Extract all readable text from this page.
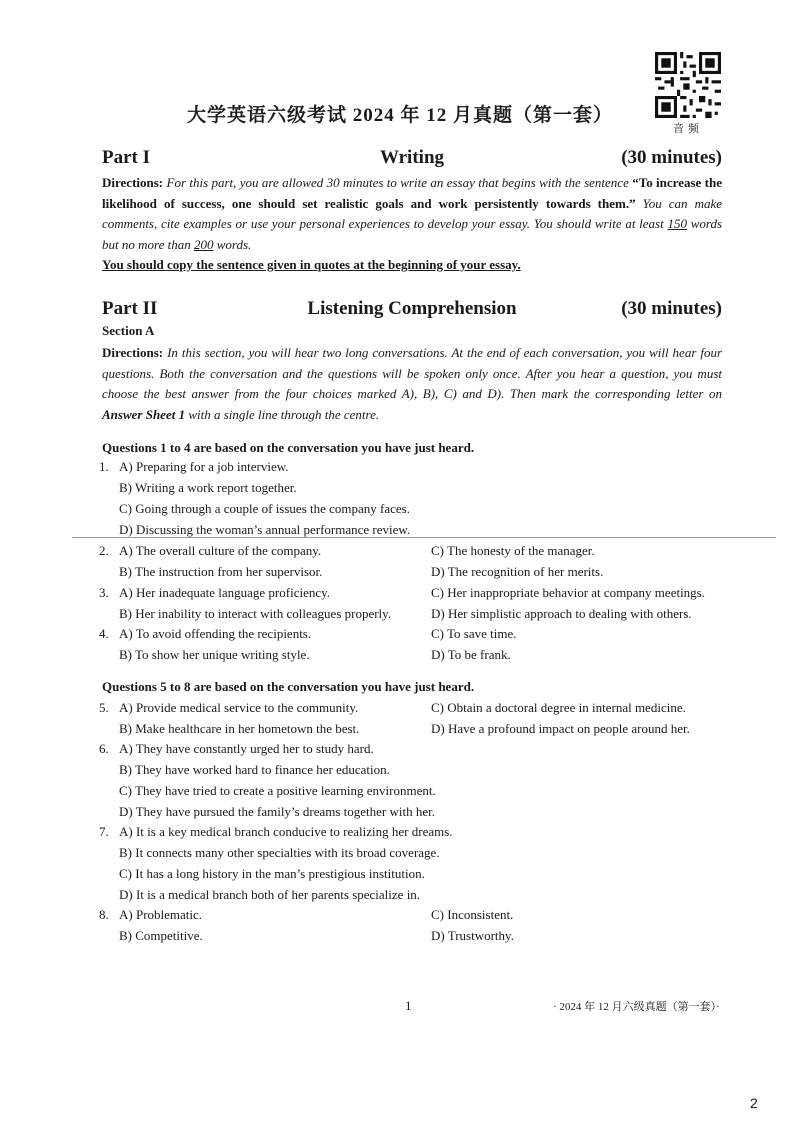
大学英语六级考试 2024 年 12 月真题（第一套）
音频
Writing
Part I	(30 minutes)
Directions: For this part, you are allowed 30 minutes to write an essay that begins with the sentence “To increase the likelihood of success, one should set realistic goals and work persistently towards them.” You can make comments, cite examples or use your personal experiences to develop your essay. You should write at least 150 words but no more than 200 words.
You should copy the sentence given in quotes at the beginning of your essay.
Listening Comprehension
Part II	(30 minutes)
Section A
Directions: In this section, you will hear two long conversations. At the end of each conversation, you will hear four questions. Both the conversation and the questions will be spoken only once. After you hear a question, you must choose the best answer from the four choices marked A), B), C) and D). Then mark the corresponding letter on Answer Sheet 1 with a single line through the centre.
Questions 1 to 4 are based on the conversation you have just heard.
1. A) Preparing for a job interview.
B) Writing a work report together.
C) Going through a couple of issues the company faces.
D) Discussing the woman’s annual performance review.
2. A) The overall culture of the company.	C) The honesty of the manager.
B) The instruction from her supervisor.	D) The recognition of her merits.
3. A) Her inadequate language proficiency.	C) Her inappropriate behavior at company meetings.
B) Her inability to interact with colleagues properly.	D) Her simplistic approach to dealing with others.
4. A) To avoid offending the recipients.	C) To save time.
B) To show her unique writing style.	D) To be frank.
Questions 5 to 8 are based on the conversation you have just heard.
5. A) Provide medical service to the community.	C) Obtain a doctoral degree in internal medicine.
B) Make healthcare in her hometown the best.	D) Have a profound impact on people around her.
6. A) They have constantly urged her to study hard.
B) They have worked hard to finance her education.
C) They have tried to create a positive learning environment.
D) They have pursued the family’s dreams together with her.
7. A) It is a key medical branch conducive to realizing her dreams.
B) It connects many other specialties with its broad coverage.
C) It has a long history in the man’s prestigious institution.
D) It is a medical branch both of her parents specialize in.
8. A) Problematic.	C) Inconsistent.
B) Competitive.	D) Trustworthy.
1	· 2024 年 12 月六级真题（第一套）·
2
